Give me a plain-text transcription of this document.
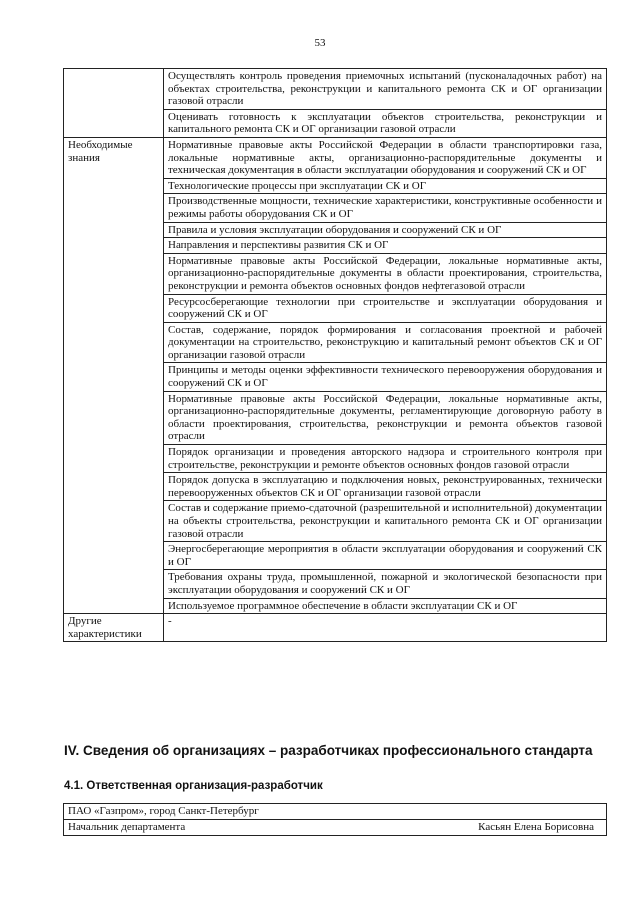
53
	Осуществлять контроль проведения приемочных испытаний (пусконаладочных работ) на объектах строительства, реконструкции и капитального ремонта СК и ОГ организации газовой отрасли
	Оценивать готовность к эксплуатации объектов строительства, реконструкции и капитального ремонта СК и ОГ организации газовой отрасли
Необходимые знания	Нормативные правовые акты Российской Федерации в области транспортировки газа, локальные нормативные акты, организационно-распорядительные документы и техническая документация в области эксплуатации оборудования и сооружений СК и ОГ
	Технологические процессы при эксплуатации СК и ОГ
	Производственные мощности, технические характеристики, конструктивные особенности и режимы работы оборудования СК и ОГ
	Правила и условия эксплуатации оборудования и сооружений СК и ОГ
	Направления и перспективы развития СК и ОГ
	Нормативные правовые акты Российской Федерации, локальные нормативные акты, организационно-распорядительные документы в области проектирования, строительства, реконструкции и ремонта объектов основных фондов нефтегазовой отрасли
	Ресурсосберегающие технологии при строительстве и эксплуатации оборудования и сооружений СК и ОГ
	Состав, содержание, порядок формирования и согласования проектной и рабочей документации на строительство, реконструкцию и капитальный ремонт объектов СК и ОГ организации газовой отрасли
	Принципы и методы оценки эффективности технического перевооружения оборудования и сооружений СК и ОГ
	Нормативные правовые акты Российской Федерации, локальные нормативные акты, организационно-распорядительные документы, регламентирующие договорную работу в области проектирования, строительства, реконструкции и ремонта объектов газовой отрасли
	Порядок организации и проведения авторского надзора и строительного контроля при строительстве, реконструкции и ремонте объектов основных фондов газовой отрасли
	Порядок допуска в эксплуатацию и подключения новых, реконструированных, технически перевооруженных объектов СК и ОГ организации газовой отрасли
	Состав и содержание приемо-сдаточной (разрешительной и исполнительной) документации на объекты строительства, реконструкции и капитального ремонта СК и ОГ организации газовой отрасли
	Энергосберегающие мероприятия в области эксплуатации оборудования и сооружений СК и ОГ
	Требования охраны труда, промышленной, пожарной и экологической безопасности при эксплуатации оборудования и сооружений СК и ОГ
	Используемое программное обеспечение в области эксплуатации СК и ОГ
Другие характеристики	-
IV. Сведения об организациях – разработчиках профессионального стандарта
4.1. Ответственная организация-разработчик
ПАО «Газпром», город Санкт-Петербург

Начальник департамента	Касьян Елена Борисовна
